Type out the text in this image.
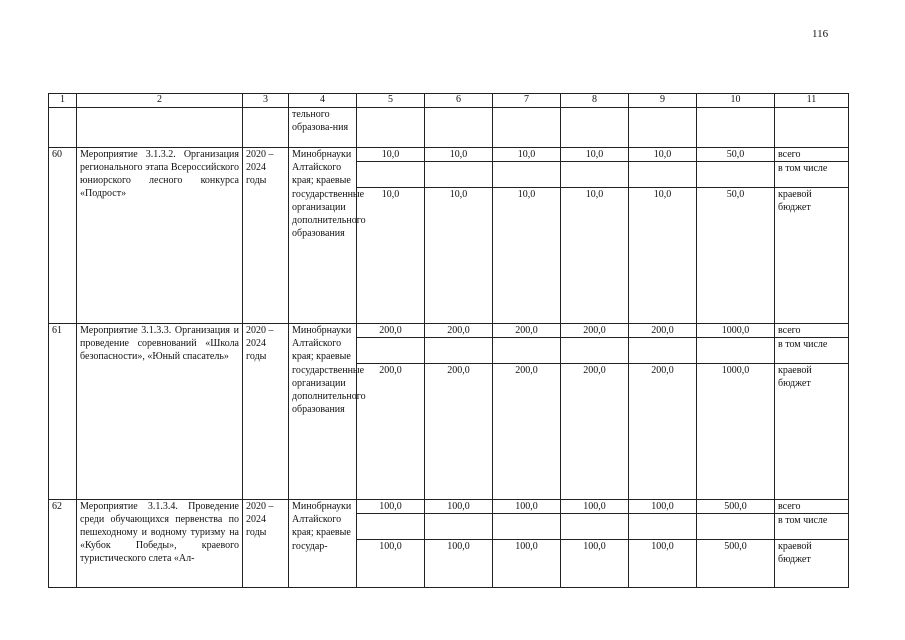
116
1	2	3	4	5	6	7	8	9	10	11
			тельного образова-ния							
60	Мероприятие 3.1.3.2. Организация регионального этапа Всероссийского юниорского лесного конкурса «Подрост»	2020 – 2024 годы	Минобрнауки Алтайского края; краевые государственные организации дополнительного образования	10,0	10,0	10,0	10,0	10,0	50,0	всего
										в том числе
				10,0	10,0	10,0	10,0	10,0	50,0	краевой бюджет
61	Мероприятие 3.1.3.3. Организация и проведение соревнований «Школа безопасности», «Юный спасатель»	2020 – 2024 годы	Минобрнауки Алтайского края; краевые государственные организации дополнительного образования	200,0	200,0	200,0	200,0	200,0	1000,0	всего
										в том числе
				200,0	200,0	200,0	200,0	200,0	1000,0	краевой бюджет
62	Мероприятие 3.1.3.4. Проведение среди обучающихся первенства по пешеходному и водному туризму на «Кубок Победы», краевого туристического слета «Ал-	2020 – 2024 годы	Минобрнауки Алтайского края; краевые государ-	100,0	100,0	100,0	100,0	100,0	500,0	всего
										в том числе
				100,0	100,0	100,0	100,0	100,0	500,0	краевой бюджет
